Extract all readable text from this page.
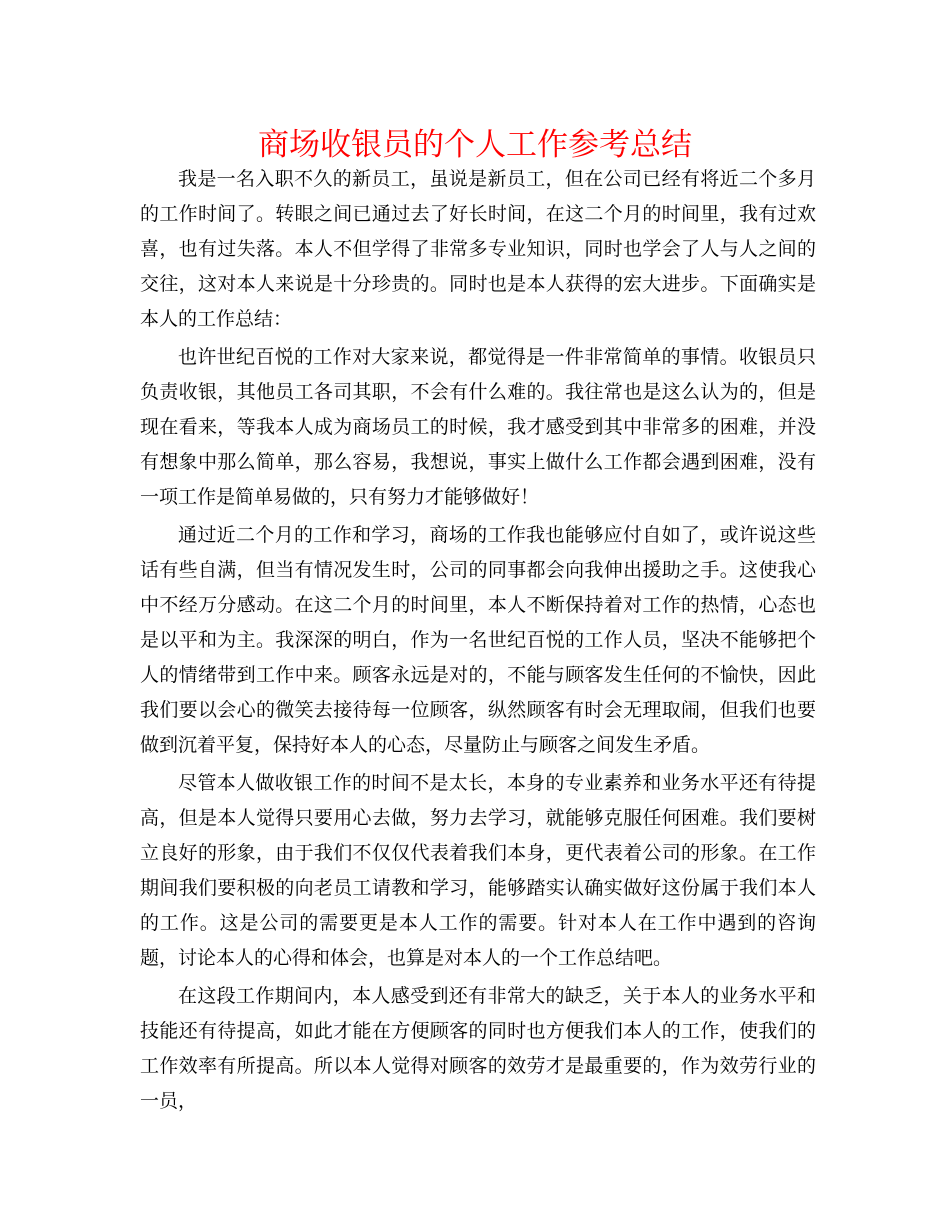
商场收银员的个人工作参考总结

我是一名入职不久的新员工，虽说是新员工，但在公司已经有将近二个多月的工作时间了。转眼之间已通过去了好长时间，在这二个月的时间里，我有过欢喜，也有过失落。本人不但学得了非常多专业知识，同时也学会了人与人之间的交往，这对本人来说是十分珍贵的。同时也是本人获得的宏大进步。下面确实是本人的工作总结：

也许世纪百悦的工作对大家来说，都觉得是一件非常简单的事情。收银员只负责收银，其他员工各司其职，不会有什么难的。我往常也是这么认为的，但是现在看来，等我本人成为商场员工的时候，我才感受到其中非常多的困难，并没有想象中那么简单，那么容易，我想说，事实上做什么工作都会遇到困难，没有一项工作是简单易做的，只有努力才能够做好！

通过近二个月的工作和学习，商场的工作我也能够应付自如了，或许说这些话有些自满，但当有情况发生时，公司的同事都会向我伸出援助之手。这使我心中不经万分感动。在这二个月的时间里，本人不断保持着对工作的热情，心态也是以平和为主。我深深的明白，作为一名世纪百悦的工作人员，坚决不能够把个人的情绪带到工作中来。顾客永远是对的，不能与顾客发生任何的不愉快，因此我们要以会心的微笑去接待每一位顾客，纵然顾客有时会无理取闹，但我们也要做到沉着平复，保持好本人的心态，尽量防止与顾客之间发生矛盾。

尽管本人做收银工作的时间不是太长，本身的专业素养和业务水平还有待提高，但是本人觉得只要用心去做，努力去学习，就能够克服任何困难。我们要树立良好的形象，由于我们不仅仅代表着我们本身，更代表着公司的形象。在工作期间我们要积极的向老员工请教和学习，能够踏实认确实做好这份属于我们本人的工作。这是公司的需要更是本人工作的需要。针对本人在工作中遇到的咨询题，讨论本人的心得和体会，也算是对本人的一个工作总结吧。

在这段工作期间内，本人感受到还有非常大的缺乏，关于本人的业务水平和技能还有待提高，如此才能在方便顾客的同时也方便我们本人的工作，使我们的工作效率有所提高。所以本人觉得对顾客的效劳才是最重要的，作为效劳行业的一员，
